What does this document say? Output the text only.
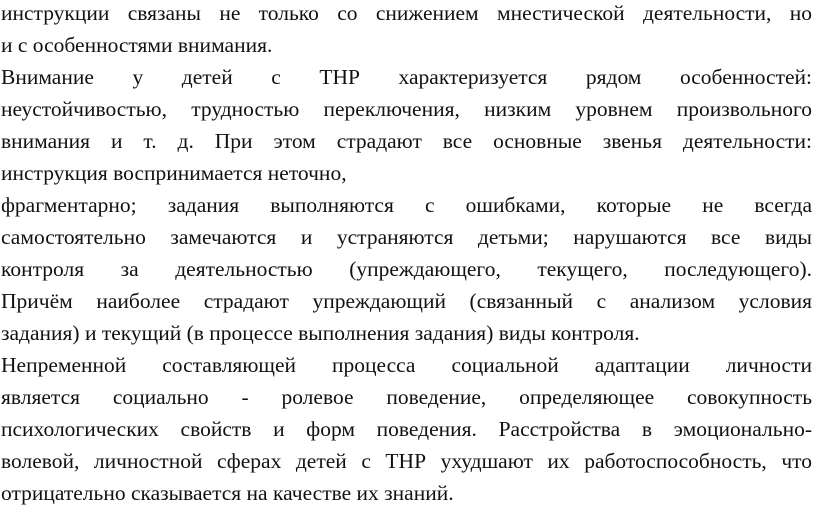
инструкции связаны не только со снижением мнестической деятельности, но
и с особенностями внимания.
Внимание у детей с ТНР характеризуется рядом особенностей:
неустойчивостью, трудностью переключения, низким уровнем произвольного
внимания и т. д. При этом страдают все основные звенья деятельности:
инструкция воспринимается неточно,
фрагментарно; задания выполняются с ошибками, которые не всегда
самостоятельно замечаются и устраняются детьми; нарушаются все виды
контроля за деятельностью (упреждающего, текущего, последующего).
Причём наиболее страдают упреждающий (связанный с анализом условия
задания) и текущий (в процессе выполнения задания) виды контроля.
Непременной составляющей процесса социальной адаптации личности
является социально - ролевое поведение, определяющее совокупность
психологических свойств и форм поведения. Расстройства в эмоционально-
волевой, личностной сферах детей с ТНР ухудшают их работоспособность, что
отрицательно сказывается на качестве их знаний.
